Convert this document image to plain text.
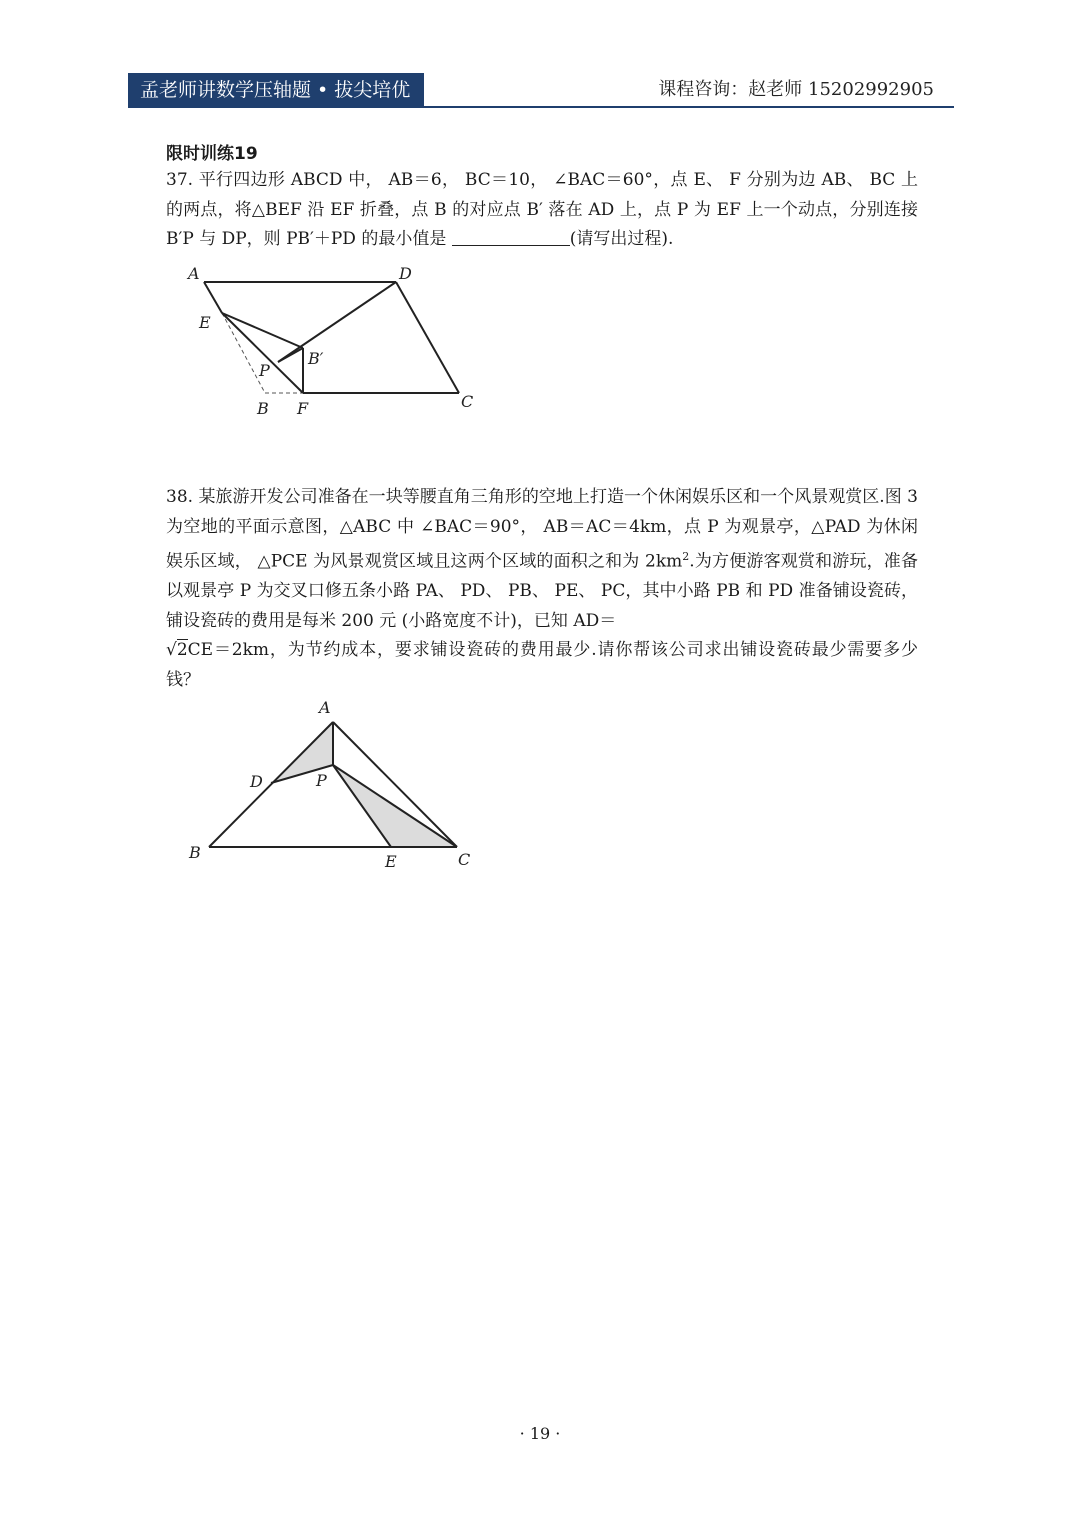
孟老师讲数学压轴题 • 拔尖培优	课程咨询：赵老师 15202992905
限时训练19
37. 平行四边形 ABCD 中， AB＝6， BC＝10， ∠BAC＝60°，点 E、 F 分别为边 AB、 BC 上的两点，将△BEF 沿 EF 折叠，点 B 的对应点 B′ 落在 AD 上，点 P 为 EF 上一个动点，分别连接 B′P 与 DP，则 PB′＋PD 的最小值是	(请写出过程).
A	D
E
P
B′
B F	C
38. 某旅游开发公司准备在一块等腰直角三角形的空地上打造一个休闲娱乐区和一个风景观赏区.图 3 为空地的平面示意图，△ABC 中 ∠BAC＝90°， AB＝AC＝4km，点 P 为观景亭，△PAD 为休闲娱乐区域， △PCE 为风景观赏区域且这两个区域的面积之和为 $2km^2$.为方便游客观赏和游玩，准备以观景亭 P 为交叉口修五条小路 PA、 PD、 PB、 PE、 PC，其中小路 PB 和 PD 准备铺设瓷砖，铺设瓷砖的费用是每米 200 元 (小路宽度不计)，已知 AD＝
√2CE＝2km，为节约成本，要求铺设瓷砖的费用最少.请你帮该公司求出铺设瓷砖最少需要多少钱？
A
D	P
B	E	C
· 19 ·
